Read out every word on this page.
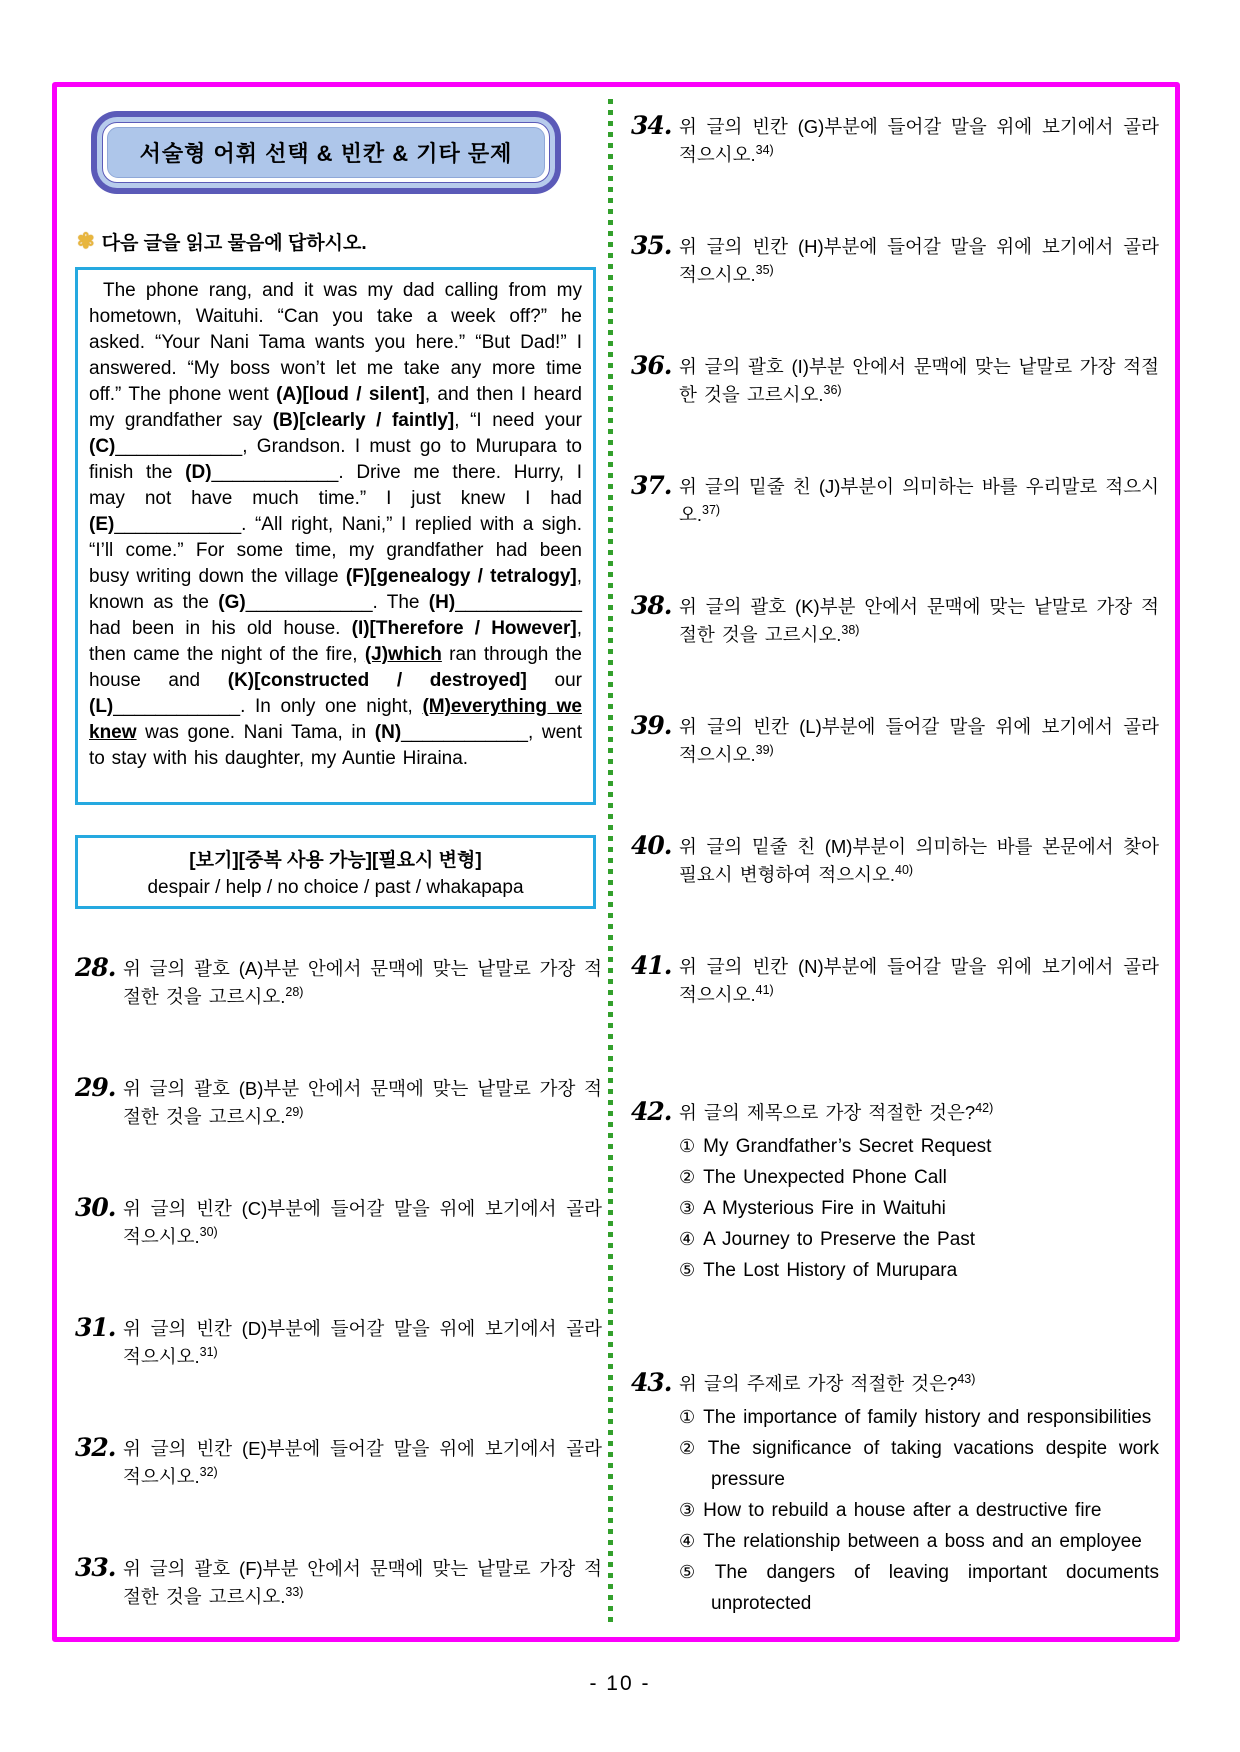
서술형 어휘 선택 & 빈칸 & 기타 문제
✾ 다음 글을 읽고 물음에 답하시오.

The phone rang, and it was my dad calling from my hometown, Waituhi. “Can you take a week off?” he asked. “Your Nani Tama wants you here.” “But Dad!” I answered. “My boss won’t let me take any more time off.” The phone went (A)[loud / silent], and then I heard my grandfather say (B)[clearly / faintly], “I need your (C)____________, Grandson. I must go to Murupara to finish the (D)____________. Drive me there. Hurry, I may not have much time.” I just knew I had (E)____________. “All right, Nani,” I replied with a sigh. “I’ll come.” For some time, my grandfather had been busy writing down the village (F)[genealogy / tetralogy], known as the (G)____________. The (H)____________ had been in his old house. (I)[Therefore / However], then came the night of the fire, (J)which ran through the house and (K)[constructed / destroyed] our (L)____________. In only one night, (M)everything we knew was gone. Nani Tama, in (N)____________, went to stay with his daughter, my Auntie Hiraina.

[보기][중복 사용 가능][필요시 변형]
despair / help / no choice / past / whakapapa
28. 위 글의 괄호 (A)부분 안에서 문맥에 맞는 낱말로 가장 적절한 것을 고르시오.$^{28)}$
29. 위 글의 괄호 (B)부분 안에서 문맥에 맞는 낱말로 가장 적절한 것을 고르시오.$^{29)}$
30. 위 글의 빈칸 (C)부분에 들어갈 말을 위에 보기에서 골라 적으시오.$^{30)}$
31. 위 글의 빈칸 (D)부분에 들어갈 말을 위에 보기에서 골라 적으시오.$^{31)}$
32. 위 글의 빈칸 (E)부분에 들어갈 말을 위에 보기에서 골라 적으시오.$^{32)}$
33. 위 글의 괄호 (F)부분 안에서 문맥에 맞는 낱말로 가장 적절한 것을 고르시오.$^{33)}$
34. 위 글의 빈칸 (G)부분에 들어갈 말을 위에 보기에서 골라 적으시오.$^{34)}$
35. 위 글의 빈칸 (H)부분에 들어갈 말을 위에 보기에서 골라 적으시오.$^{35)}$
36. 위 글의 괄호 (I)부분 안에서 문맥에 맞는 낱말로 가장 적절한 것을 고르시오.$^{36)}$
37. 위 글의 밑줄 친 (J)부분이 의미하는 바를 우리말로 적으시오.$^{37)}$
38. 위 글의 괄호 (K)부분 안에서 문맥에 맞는 낱말로 가장 적절한 것을 고르시오.$^{38)}$
39. 위 글의 빈칸 (L)부분에 들어갈 말을 위에 보기에서 골라 적으시오.$^{39)}$
40. 위 글의 밑줄 친 (M)부분이 의미하는 바를 본문에서 찾아 필요시 변형하여 적으시오.$^{40)}$
41. 위 글의 빈칸 (N)부분에 들어갈 말을 위에 보기에서 골라 적으시오.$^{41)}$
42. 위 글의 제목으로 가장 적절한 것은?$^{42)}$
① My Grandfather’s Secret Request
② The Unexpected Phone Call
③ A Mysterious Fire in Waituhi
④ A Journey to Preserve the Past
⑤ The Lost History of Murupara
43. 위 글의 주제로 가장 적절한 것은?$^{43)}$
① The importance of family history and responsibilities
② The significance of taking vacations despite work pressure
③ How to rebuild a house after a destructive fire
④ The relationship between a boss and an employee
⑤ The dangers of leaving important documents unprotected
- 10 -
